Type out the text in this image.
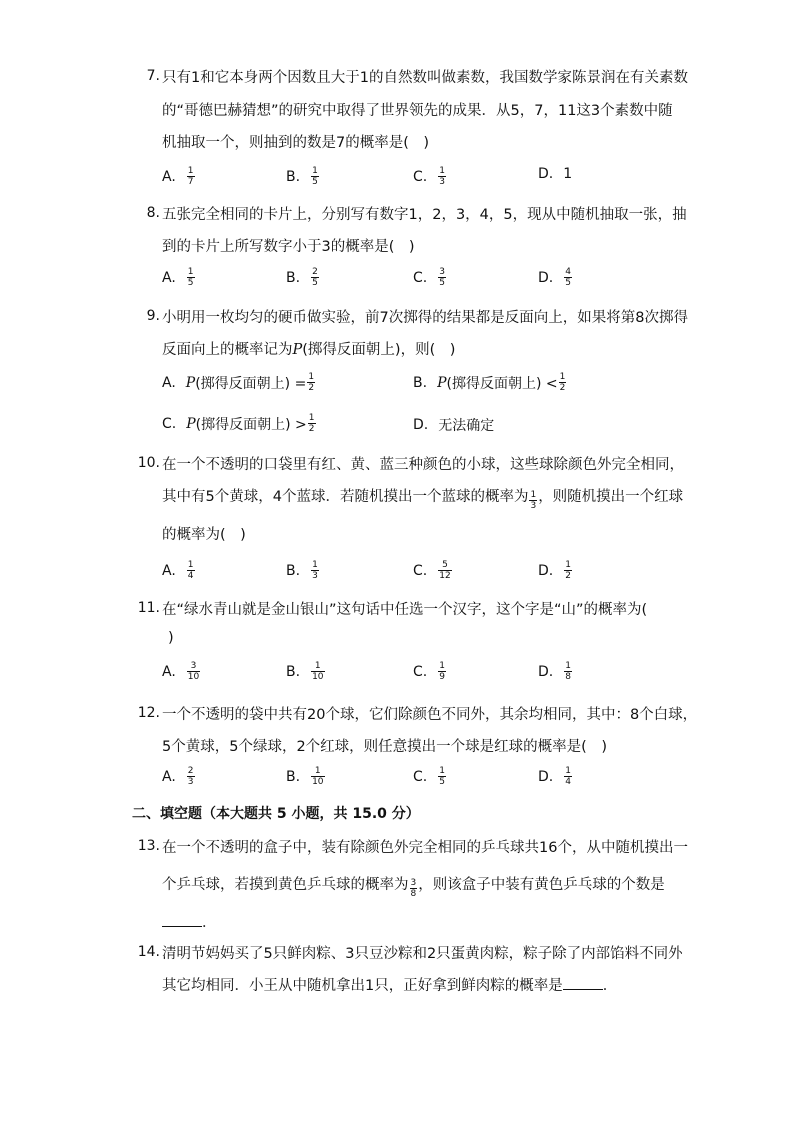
7. 只有1和它本身两个因数且大于1的自然数叫做素数，我国数学家陈景润在有关素数
的“哥德巴赫猜想”的研究中取得了世界领先的成果．从5，7，11这3个素数中随
机抽取一个，则抽到的数是7的概率是(　)
A. $\frac{1}{7}$	B. $\frac{1}{5}$	C. $\frac{1}{3}$	D. 1
8. 五张完全相同的卡片上，分别写有数字1，2，3，4，5，现从中随机抽取一张，抽
到的卡片上所写数字小于3的概率是(　)
A. $\frac{1}{5}$	B. $\frac{2}{5}$	C. $\frac{3}{5}$	D. $\frac{4}{5}$
9. 小明用一枚均匀的硬币做实验，前7次掷得的结果都是反面向上，如果将第8次掷得
反面向上的概率记为P(掷得反面朝上)，则(　)
A. P (掷得反面朝上) = $\frac{1}{2}$	B. P (掷得反面朝上) < $\frac{1}{2}$
C. P (掷得反面朝上) > $\frac{1}{2}$	D. 无法确定
10. 在一个不透明的口袋里有红、黄、蓝三种颜色的小球，这些球除颜色外完全相同，
其中有5个黄球，4个蓝球．若随机摸出一个蓝球的概率为 $\frac{1}{3}$ ，则随机摸出一个红球
的概率为(　)
A. $\frac{1}{4}$	B. $\frac{1}{3}$	C. $\frac{5}{12}$	D. $\frac{1}{2}$
11. 在“绿水青山就是金山银山”这句话中任选一个汉字，这个字是“山”的概率为(
)
A. $\frac{3}{10}$	B. $\frac{1}{10}$	C. $\frac{1}{9}$	D. $\frac{1}{8}$
12. 一个不透明的袋中共有20个球，它们除颜色不同外，其余均相同，其中：8个白球，
5个黄球，5个绿球，2个红球，则任意摸出一个球是红球的概率是(　)
A. $\frac{2}{3}$	B. $\frac{1}{10}$	C. $\frac{1}{5}$	D. $\frac{1}{4}$
二、填空题（本大题共 5 小题，共 15.0 分）
13. 在一个不透明的盒子中，装有除颜色外完全相同的乒乓球共16个，从中随机摸出一
个乒乓球，若摸到黄色乒乓球的概率为 $\frac{3}{8}$ ，则该盒子中装有黄色乒乓球的个数是
．
14. 清明节妈妈买了5只鲜肉粽、3只豆沙粽和2只蛋黄肉粽，粽子除了内部馅料不同外
其它均相同．小王从中随机拿出1只，正好拿到鲜肉粽的概率是	．
